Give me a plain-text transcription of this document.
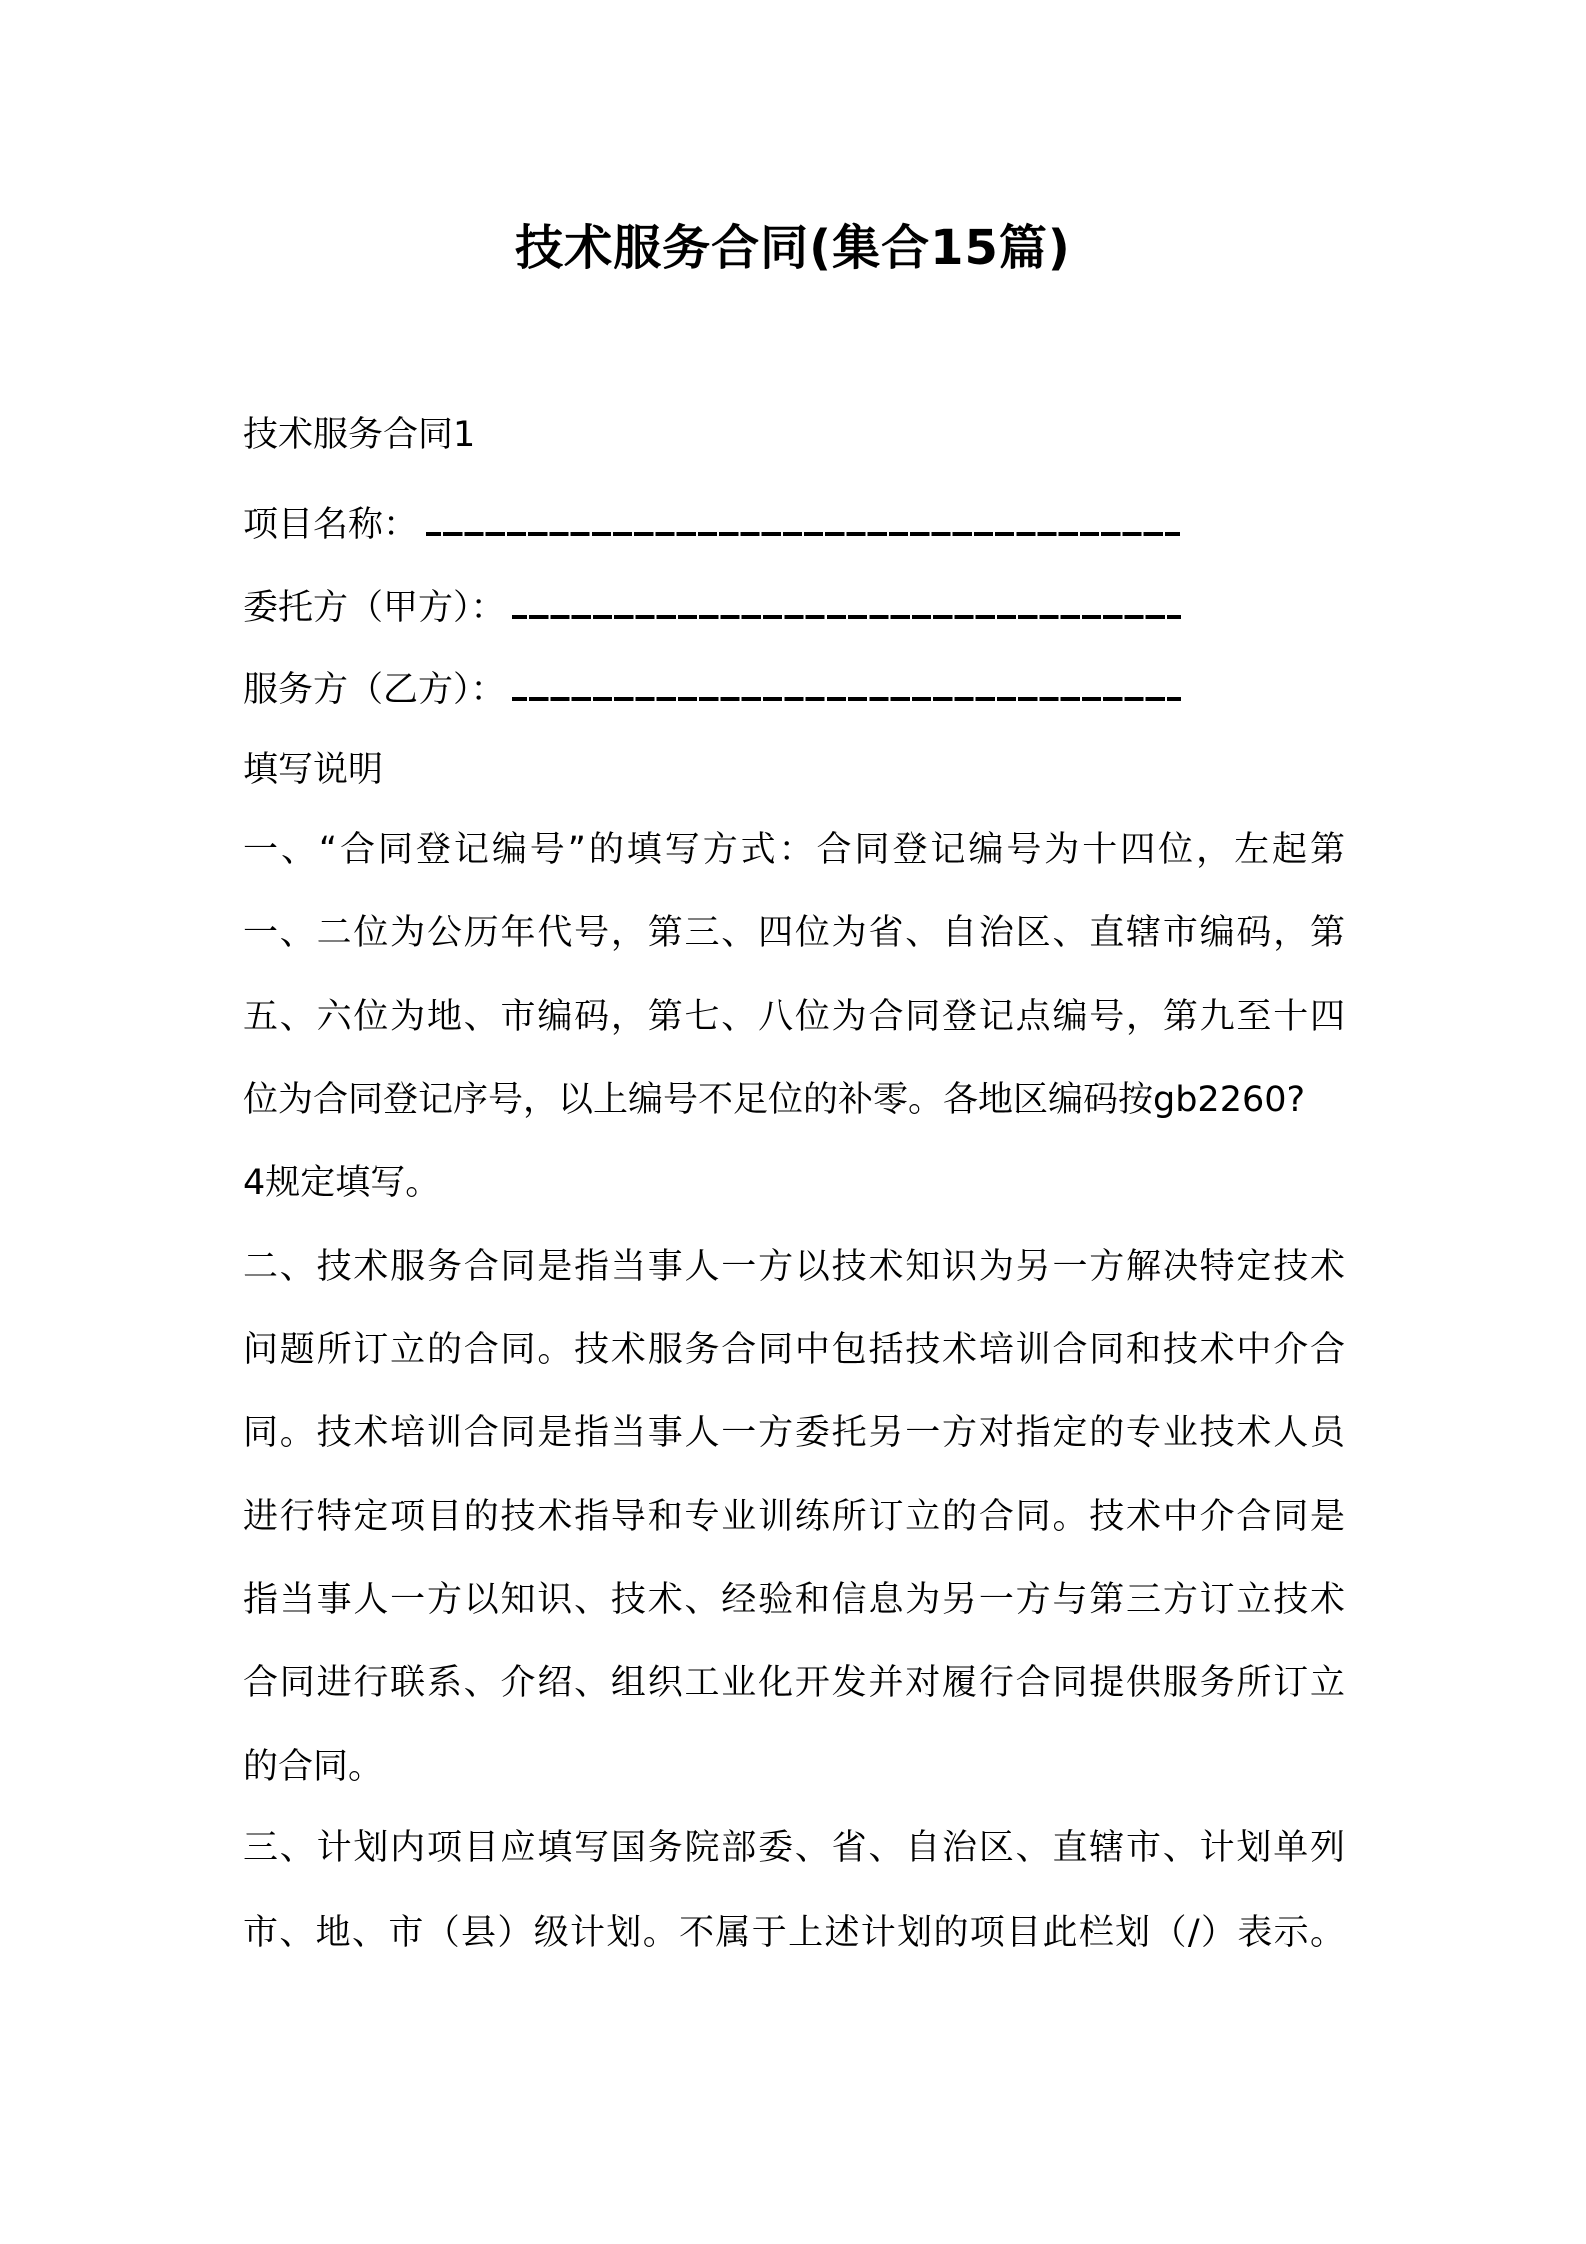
技术服务合同(集合15篇)
技术服务合同1
项目名称：
委托方（甲方）：
服务方（乙方）：
填写说明
一、“合同登记编号”的填写方式：合同登记编号为十四位，左起第
一、二位为公历年代号，第三、四位为省、自治区、直辖市编码，第
五、六位为地、市编码，第七、八位为合同登记点编号，第九至十四
位为合同登记序号，以上编号不足位的补零。各地区编码按gb2260?
4规定填写。
二、技术服务合同是指当事人一方以技术知识为另一方解决特定技术
问题所订立的合同。技术服务合同中包括技术培训合同和技术中介合
同。技术培训合同是指当事人一方委托另一方对指定的专业技术人员
进行特定项目的技术指导和专业训练所订立的合同。技术中介合同是
指当事人一方以知识、技术、经验和信息为另一方与第三方订立技术
合同进行联系、介绍、组织工业化开发并对履行合同提供服务所订立
的合同。
三、计划内项目应填写国务院部委、省、自治区、直辖市、计划单列
市、地、市（县）级计划。不属于上述计划的项目此栏划（/）表示。
